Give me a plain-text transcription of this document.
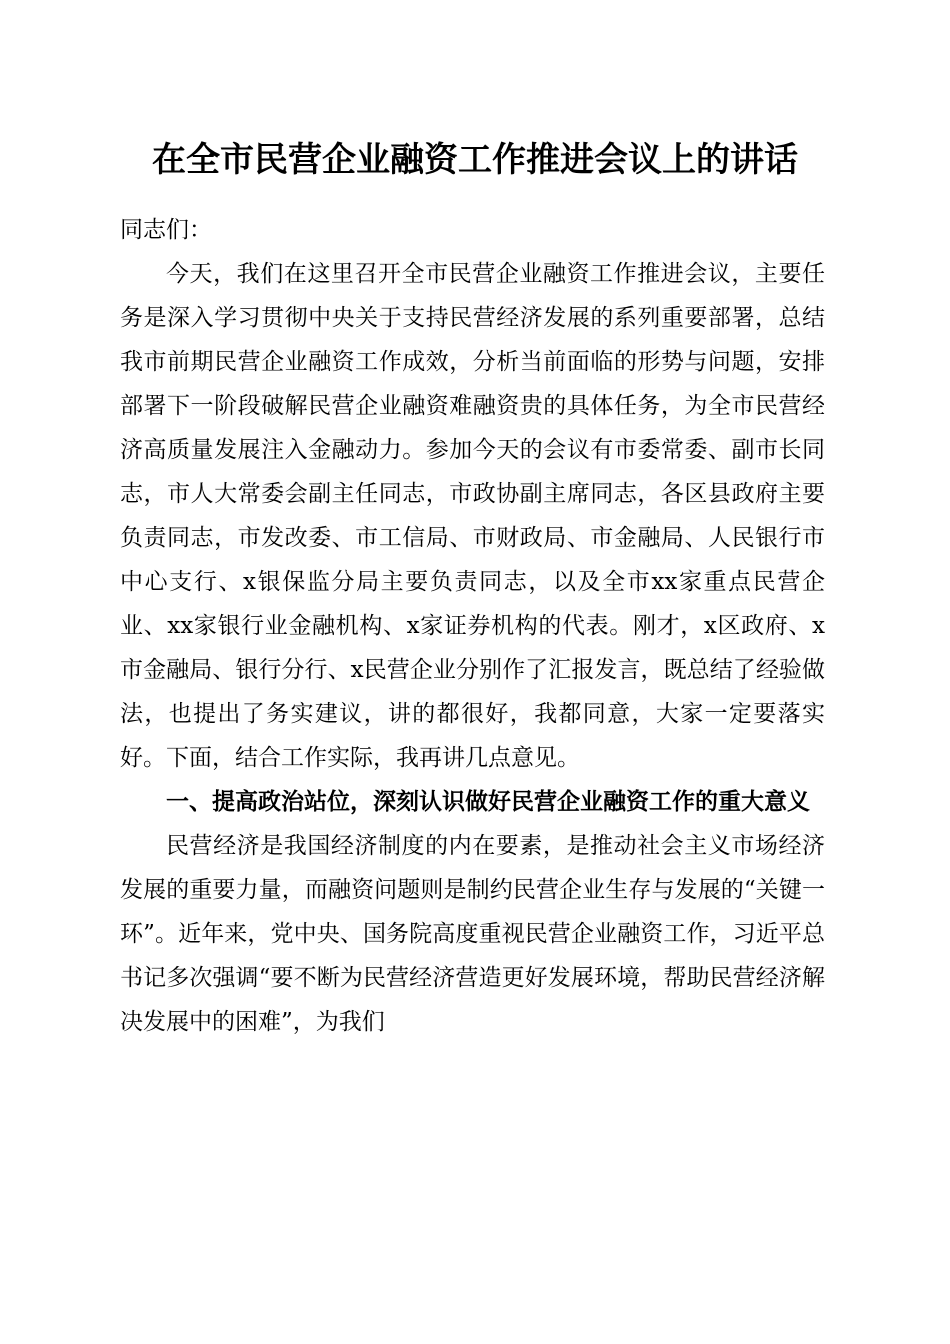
在全市民营企业融资工作推进会议上的讲话

同志们：

今天，我们在这里召开全市民营企业融资工作推进会议，主要任务是深入学习贯彻中央关于支持民营经济发展的系列重要部署，总结我市前期民营企业融资工作成效，分析当前面临的形势与问题，安排部署下一阶段破解民营企业融资难融资贵的具体任务，为全市民营经济高质量发展注入金融动力。参加今天的会议有市委常委、副市长同志，市人大常委会副主任同志，市政协副主席同志，各区县政府主要负责同志，市发改委、市工信局、市财政局、市金融局、人民银行市中心支行、x银保监分局主要负责同志，以及全市xx家重点民营企业、xx家银行业金融机构、x家证券机构的代表。刚才，x区政府、x市金融局、银行分行、x民营企业分别作了汇报发言，既总结了经验做法，也提出了务实建议，讲的都很好，我都同意，大家一定要落实好。下面，结合工作实际，我再讲几点意见。

一、提高政治站位，深刻认识做好民营企业融资工作的重大意义

民营经济是我国经济制度的内在要素，是推动社会主义市场经济发展的重要力量，而融资问题则是制约民营企业生存与发展的“关键一环”。近年来，党中央、国务院高度重视民营企业融资工作，习近平总书记多次强调“要不断为民营经济营造更好发展环境，帮助民营经济解决发展中的困难”，为我们
